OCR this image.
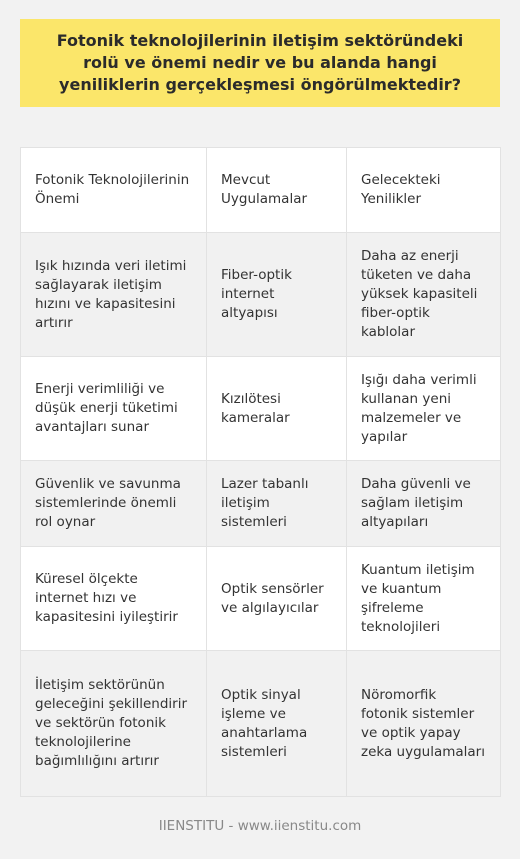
Fotonik teknolojilerinin iletişim sektöründeki rolü ve önemi nedir ve bu alanda hangi yeniliklerin gerçekleşmesi öngörülmektedir?
Fotonik Teknolojilerinin Önemi	Mevcut Uygulamalar	Gelecekteki Yenilikler
Işık hızında veri iletimi sağlayarak iletişim hızını ve kapasitesini artırır	Fiber-optik internet altyapısı	Daha az enerji tüketen ve daha yüksek kapasiteli fiber-optik kablolar
Enerji verimliliği ve düşük enerji tüketimi avantajları sunar	Kızılötesi kameralar	Işığı daha verimli kullanan yeni malzemeler ve yapılar
Güvenlik ve savunma sistemlerinde önemli rol oynar	Lazer tabanlı iletişim sistemleri	Daha güvenli ve sağlam iletişim altyapıları
Küresel ölçekte internet hızı ve kapasitesini iyileştirir	Optik sensörler ve algılayıcılar	Kuantum iletişim ve kuantum şifreleme teknolojileri
İletişim sektörünün geleceğini şekillendirir ve sektörün fotonik teknolojilerine bağımlılığını artırır	Optik sinyal işleme ve anahtarlama sistemleri	Nöromorfik fotonik sistemler ve optik yapay zeka uygulamaları
IIENSTITU - www.iienstitu.com
